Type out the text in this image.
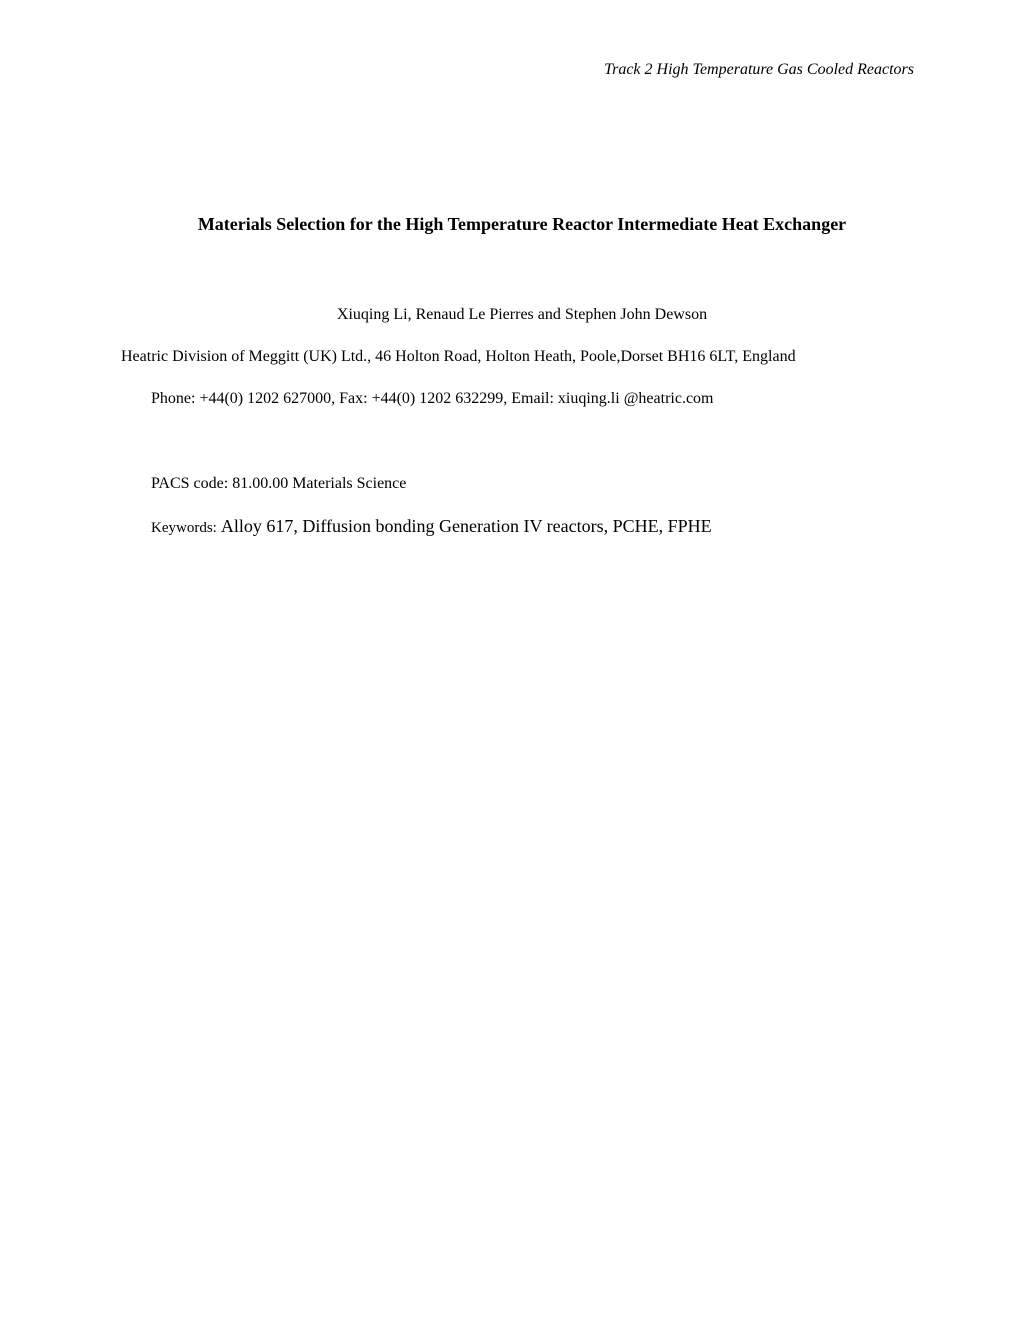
Track 2 High Temperature Gas Cooled Reactors
Materials Selection for the High Temperature Reactor Intermediate Heat Exchanger
Xiuqing Li, Renaud Le Pierres and Stephen John Dewson
Heatric Division of Meggitt (UK) Ltd., 46 Holton Road, Holton Heath, Poole,Dorset BH16 6LT, England
Phone: +44(0) 1202 627000, Fax: +44(0) 1202 632299, Email: xiuqing.li @heatric.com
PACS code: 81.00.00 Materials Science
Keywords: Alloy 617, Diffusion bonding Generation IV reactors, PCHE, FPHE
